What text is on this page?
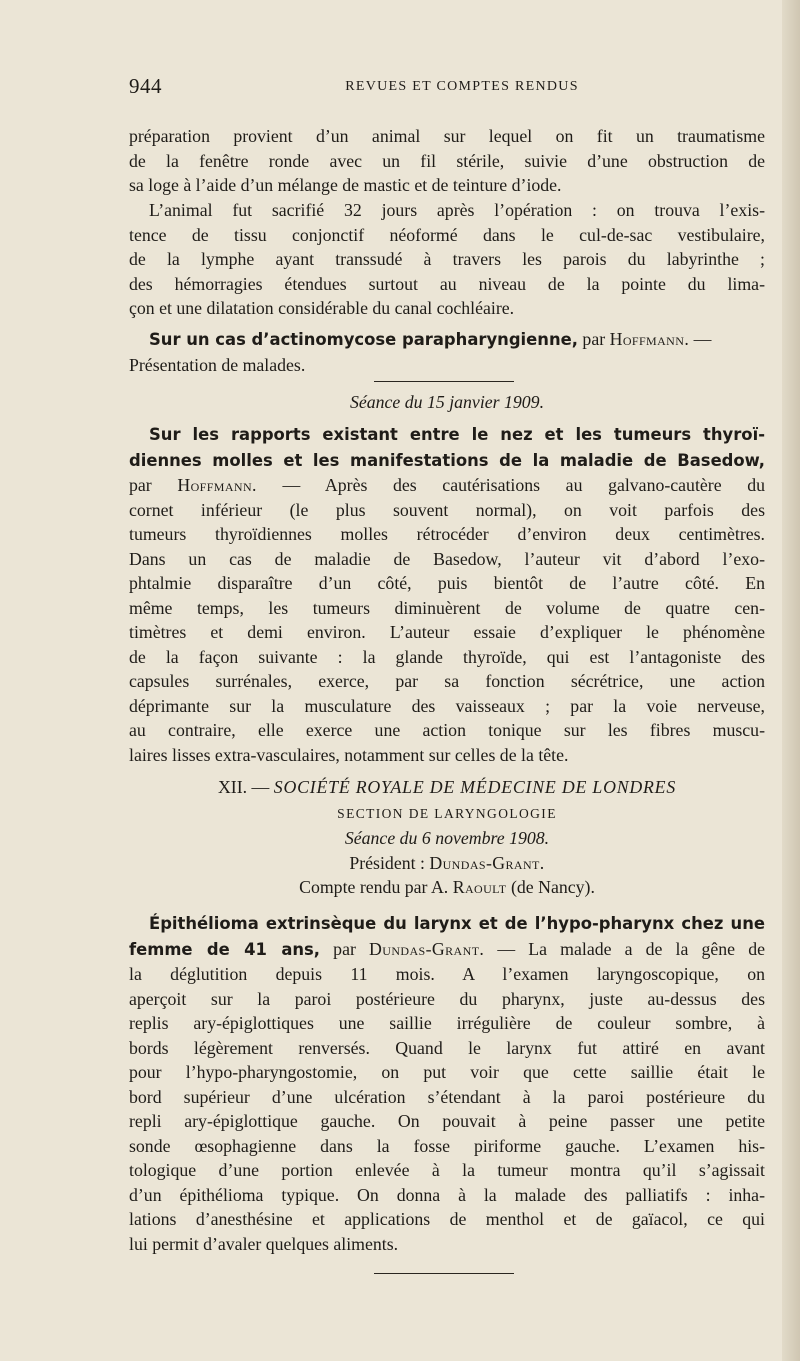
944	REVUES ET COMPTES RENDUS
préparation provient d’un animal sur lequel on fit un traumatisme
de la fenêtre ronde avec un fil stérile, suivie d’une obstruction de
sa loge à l’aide d’un mélange de mastic et de teinture d’iode.
L’animal fut sacrifié 32 jours après l’opération : on trouva l’exis-
tence de tissu conjonctif néoformé dans le cul-de-sac vestibulaire,
de la lymphe ayant transsudé à travers les parois du labyrinthe ;
des hémorragies étendues surtout au niveau de la pointe du lima-
çon et une dilatation considérable du canal cochléaire.
Sur un cas d’actinomycose parapharyngienne, par Hoffmann. —
Présentation de malades.
Séance du 15 janvier 1909.
Sur les rapports existant entre le nez et les tumeurs thyroï-
diennes molles et les manifestations de la maladie de Basedow,
par Hoffmann. — Après des cautérisations au galvano-cautère du
cornet inférieur (le plus souvent normal), on voit parfois des
tumeurs thyroïdiennes molles rétrocéder d’environ deux centimètres.
Dans un cas de maladie de Basedow, l’auteur vit d’abord l’exo-
phtalmie disparaître d’un côté, puis bientôt de l’autre côté. En
même temps, les tumeurs diminuèrent de volume de quatre cen-
timètres et demi environ. L’auteur essaie d’expliquer le phénomène
de la façon suivante : la glande thyroïde, qui est l’antagoniste des
capsules surrénales, exerce, par sa fonction sécrétrice, une action
déprimante sur la musculature des vaisseaux ; par la voie nerveuse,
au contraire, elle exerce une action tonique sur les fibres muscu-
laires lisses extra-vasculaires, notamment sur celles de la tête.
XII. — SOCIÉTÉ ROYALE DE MÉDECINE DE LONDRES
SECTION DE LARYNGOLOGIE
Séance du 6 novembre 1908.
Président : Dundas-Grant.
Compte rendu par A. Raoult (de Nancy).
Épithélioma extrinsèque du larynx et de l’hypo-pharynx chez une
femme de 41 ans, par Dundas-Grant. — La malade a de la gêne de
la déglutition depuis 11 mois. A l’examen laryngoscopique, on
aperçoit sur la paroi postérieure du pharynx, juste au-dessus des
replis ary-épiglottiques une saillie irrégulière de couleur sombre, à
bords légèrement renversés. Quand le larynx fut attiré en avant
pour l’hypo-pharyngostomie, on put voir que cette saillie était le
bord supérieur d’une ulcération s’étendant à la paroi postérieure du
repli ary-épiglottique gauche. On pouvait à peine passer une petite
sonde œsophagienne dans la fosse piriforme gauche. L’examen his-
tologique d’une portion enlevée à la tumeur montra qu’il s’agissait
d’un épithélioma typique. On donna à la malade des palliatifs : inha-
lations d’anesthésine et applications de menthol et de gaïacol, ce qui
lui permit d’avaler quelques aliments.
